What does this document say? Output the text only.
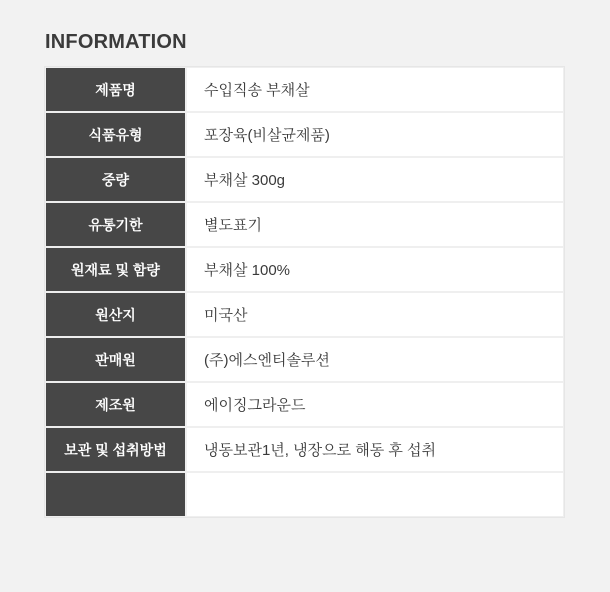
INFORMATION
제품명	수입직송 부채살
식품유형	포장육(비살균제품)
중량	부채살 300g
유통기한	별도표기
원재료 및 함량	부채살 100%
원산지	미국산
판매원	(주)에스엔티솔루션
제조원	에이징그라운드
보관 및 섭취방법	냉동보관1년, 냉장으로 해동 후 섭취
